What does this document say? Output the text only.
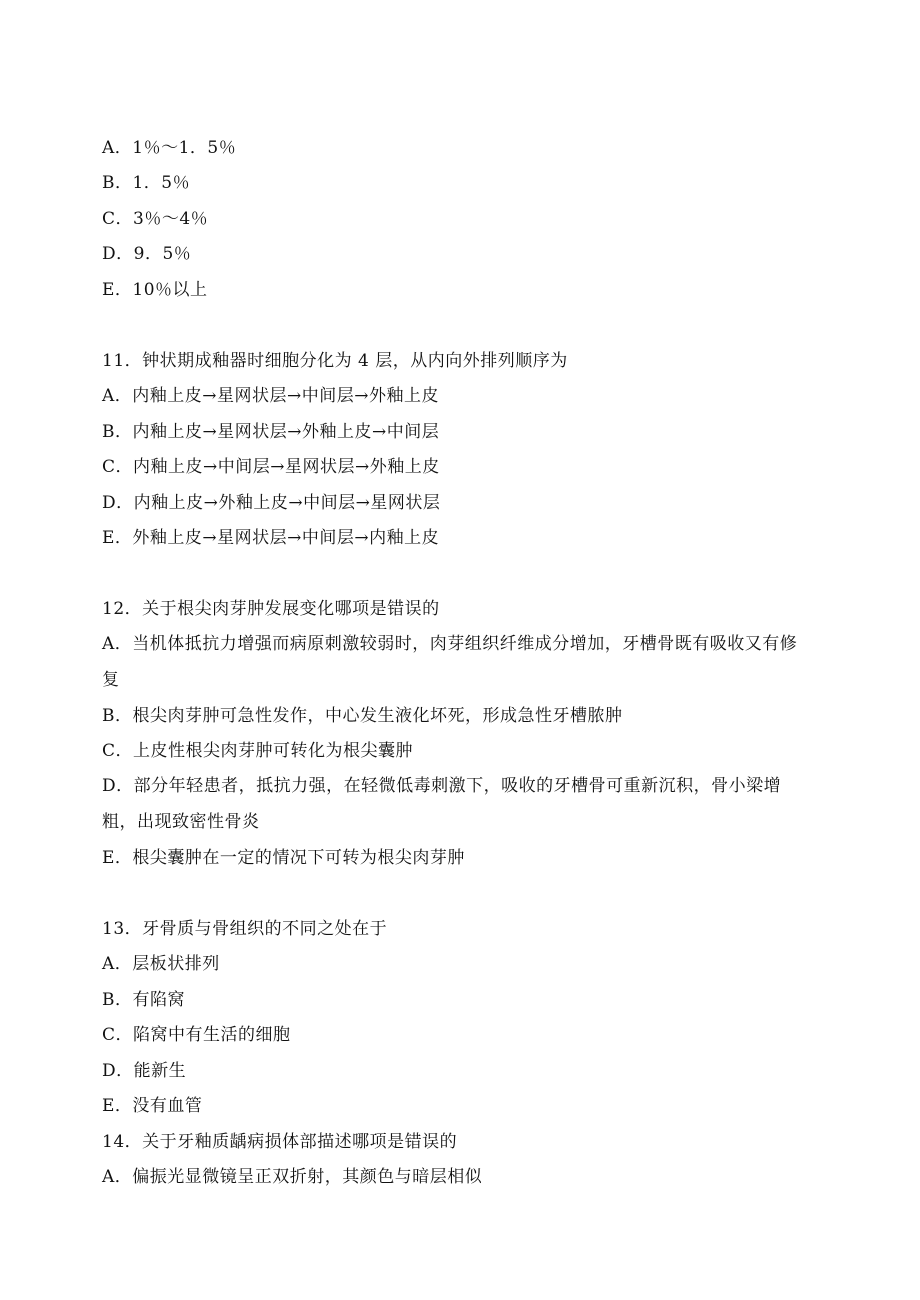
A．1％～1．5％
B．1．5％
C．3％～4％
D．9．5％
E．10％以上
11．钟状期成釉器时细胞分化为 4 层，从内向外排列顺序为
A．内釉上皮→星网状层→中间层→外釉上皮
B．内釉上皮→星网状层→外釉上皮→中间层
C．内釉上皮→中间层→星网状层→外釉上皮
D．内釉上皮→外釉上皮→中间层→星网状层
E．外釉上皮→星网状层→中间层→内釉上皮
12．关于根尖肉芽肿发展变化哪项是错误的
A．当机体抵抗力增强而病原刺激较弱时，肉芽组织纤维成分增加，牙槽骨既有吸收又有修复
B．根尖肉芽肿可急性发作，中心发生液化坏死，形成急性牙槽脓肿
C．上皮性根尖肉芽肿可转化为根尖囊肿
D．部分年轻患者，抵抗力强，在轻微低毒刺激下，吸收的牙槽骨可重新沉积，骨小梁增粗，出现致密性骨炎
E．根尖囊肿在一定的情况下可转为根尖肉芽肿
13．牙骨质与骨组织的不同之处在于
A．层板状排列
B．有陷窝
C．陷窝中有生活的细胞
D．能新生
E．没有血管
14．关于牙釉质龋病损体部描述哪项是错误的
A．偏振光显微镜呈正双折射，其颜色与暗层相似
